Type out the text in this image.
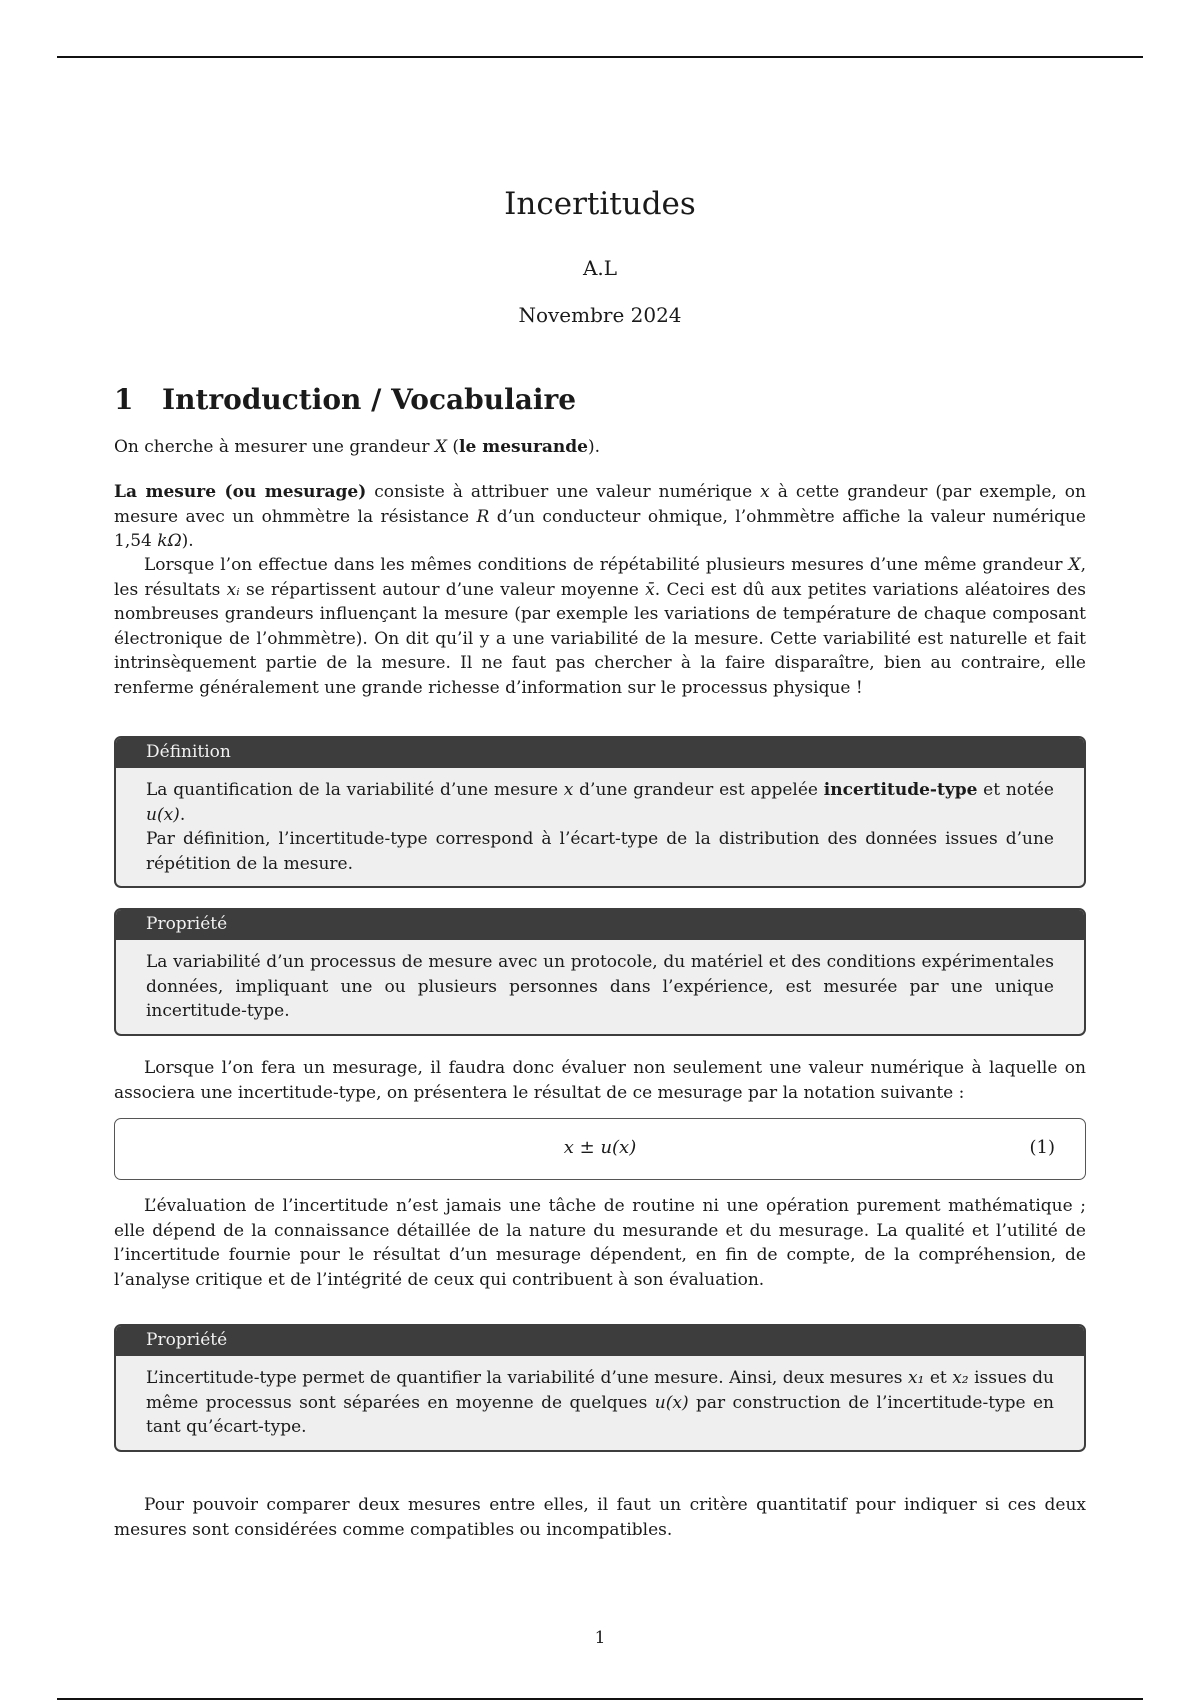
Incertitudes
A.L
Novembre 2024
1 Introduction / Vocabulaire

On cherche à mesurer une grandeur X (le mesurande).

La mesure (ou mesurage) consiste à attribuer une valeur numérique x à cette grandeur (par exemple, on mesure avec un ohmmètre la résistance R d’un conducteur ohmique, l’ohmmètre affiche la valeur numérique 1,54 kΩ).

Lorsque l’on effectue dans les mêmes conditions de répétabilité plusieurs mesures d’une même grandeur X, les résultats xᵢ se répartissent autour d’une valeur moyenne x̄. Ceci est dû aux petites variations aléatoires des nombreuses grandeurs influençant la mesure (par exemple les variations de température de chaque composant électronique de l’ohmmètre). On dit qu’il y a une variabilité de la mesure. Cette variabilité est naturelle et fait intrinsèquement partie de la mesure. Il ne faut pas chercher à la faire disparaître, bien au contraire, elle renferme généralement une grande richesse d’information sur le processus physique !

Définition
La quantification de la variabilité d’une mesure x d’une grandeur est appelée incertitude-type et notée u(x).
Par définition, l’incertitude-type correspond à l’écart-type de la distribution des données issues d’une répétition de la mesure.
Propriété
La variabilité d’un processus de mesure avec un protocole, du matériel et des conditions expérimentales données, impliquant une ou plusieurs personnes dans l’expérience, est mesurée par une unique incertitude-type.

Lorsque l’on fera un mesurage, il faudra donc évaluer non seulement une valeur numérique à laquelle on associera une incertitude-type, on présentera le résultat de ce mesurage par la notation suivante :

x ± u(x)	(1)

L’évaluation de l’incertitude n’est jamais une tâche de routine ni une opération purement mathématique ; elle dépend de la connaissance détaillée de la nature du mesurande et du mesurage. La qualité et l’utilité de l’incertitude fournie pour le résultat d’un mesurage dépendent, en fin de compte, de la compréhension, de l’analyse critique et de l’intégrité de ceux qui contribuent à son évaluation.

Propriété
L’incertitude-type permet de quantifier la variabilité d’une mesure. Ainsi, deux mesures x₁ et x₂ issues du même processus sont séparées en moyenne de quelques u(x) par construction de l’incertitude-type en tant qu’écart-type.

Pour pouvoir comparer deux mesures entre elles, il faut un critère quantitatif pour indiquer si ces deux mesures sont considérées comme compatibles ou incompatibles.

1
